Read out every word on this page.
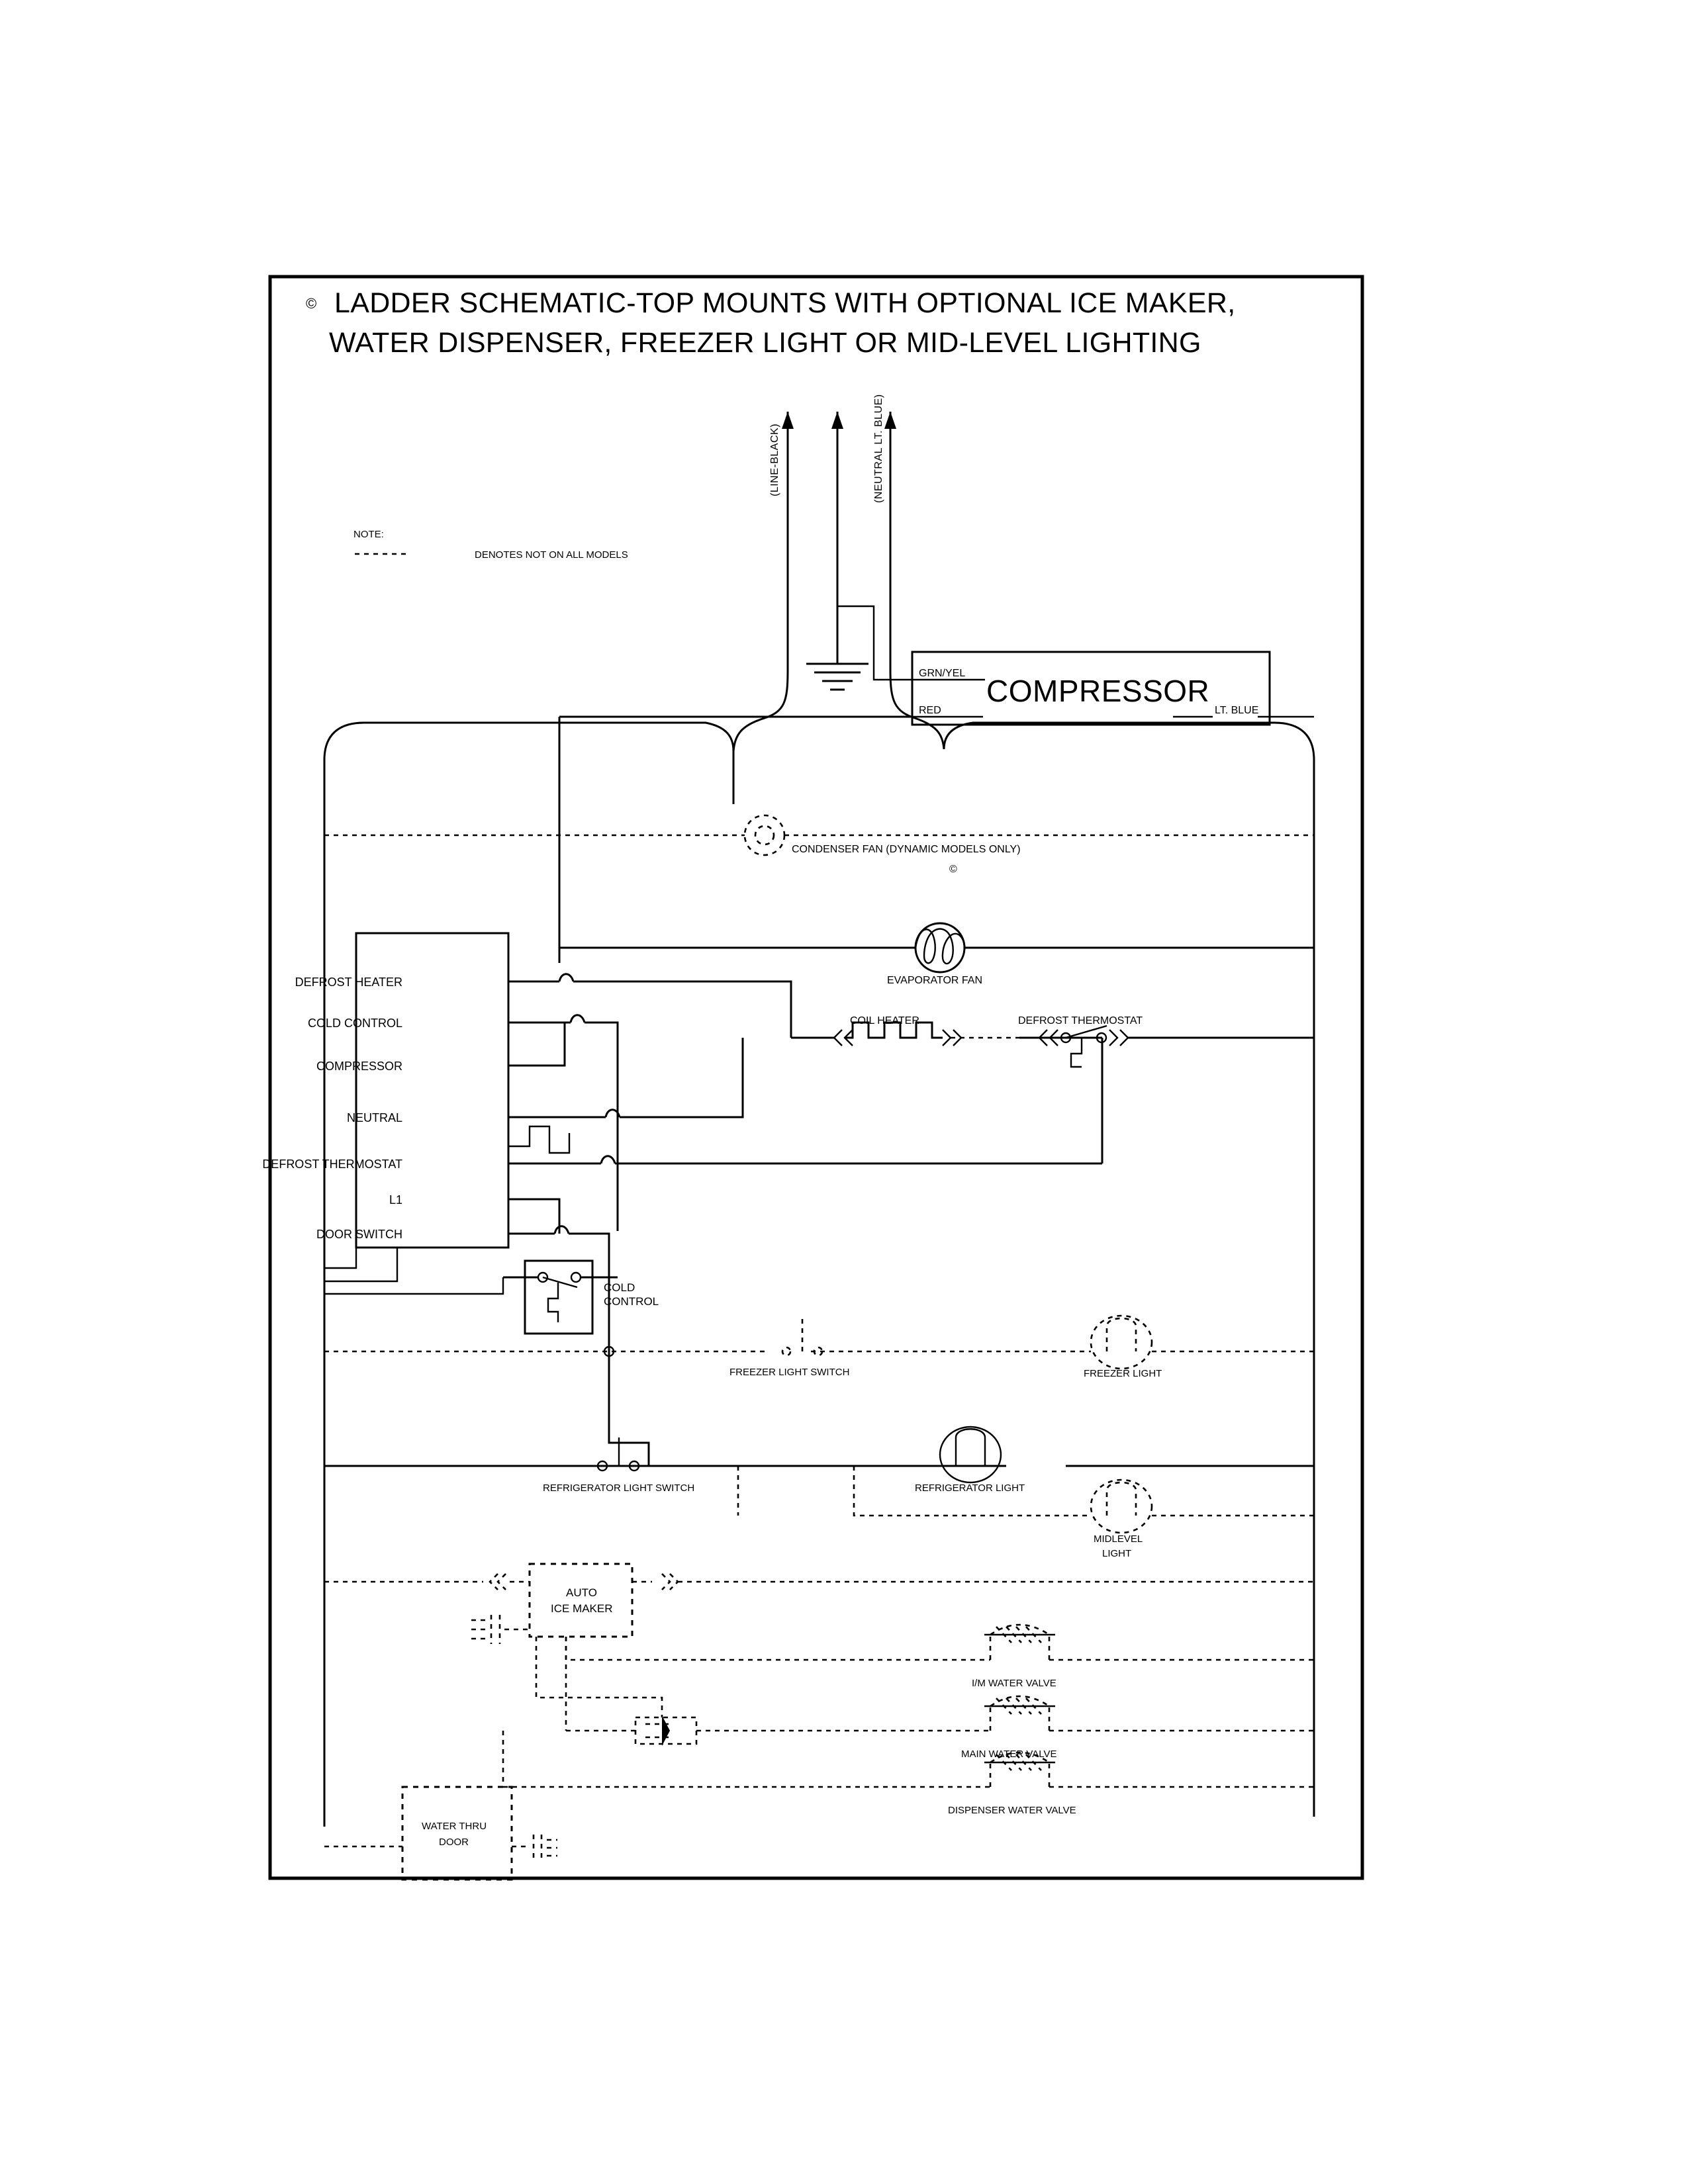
LADDER SCHEMATIC-TOP MOUNTS WITH OPTIONAL ICE MAKER,
WATER DISPENSER, FREEZER LIGHT OR MID-LEVEL LIGHTING
©
NOTE:
DENOTES NOT ON ALL MODELS
(LINE-BLACK)	(NEUTRAL LT. BLUE)
COMPRESSOR
GRN/YEL
RED	LT. BLUE
CONDENSER FAN (DYNAMIC MODELS ONLY)
©
EVAPORATOR FAN
DEFROST HEATER
COLD CONTROL
COMPRESSOR
NEUTRAL
DEFROST THERMOSTAT
L1
DOOR SWITCH
COIL HEATER	DEFROST THERMOSTAT
COLD
CONTROL
FREEZER LIGHT SWITCH	FREEZER LIGHT
REFRIGERATOR LIGHT SWITCH	REFRIGERATOR LIGHT
MIDLEVEL
LIGHT
AUTO
ICE MAKER
I/M WATER VALVE
MAIN WATER VALVE
DISPENSER WATER VALVE
WATER THRU
DOOR
